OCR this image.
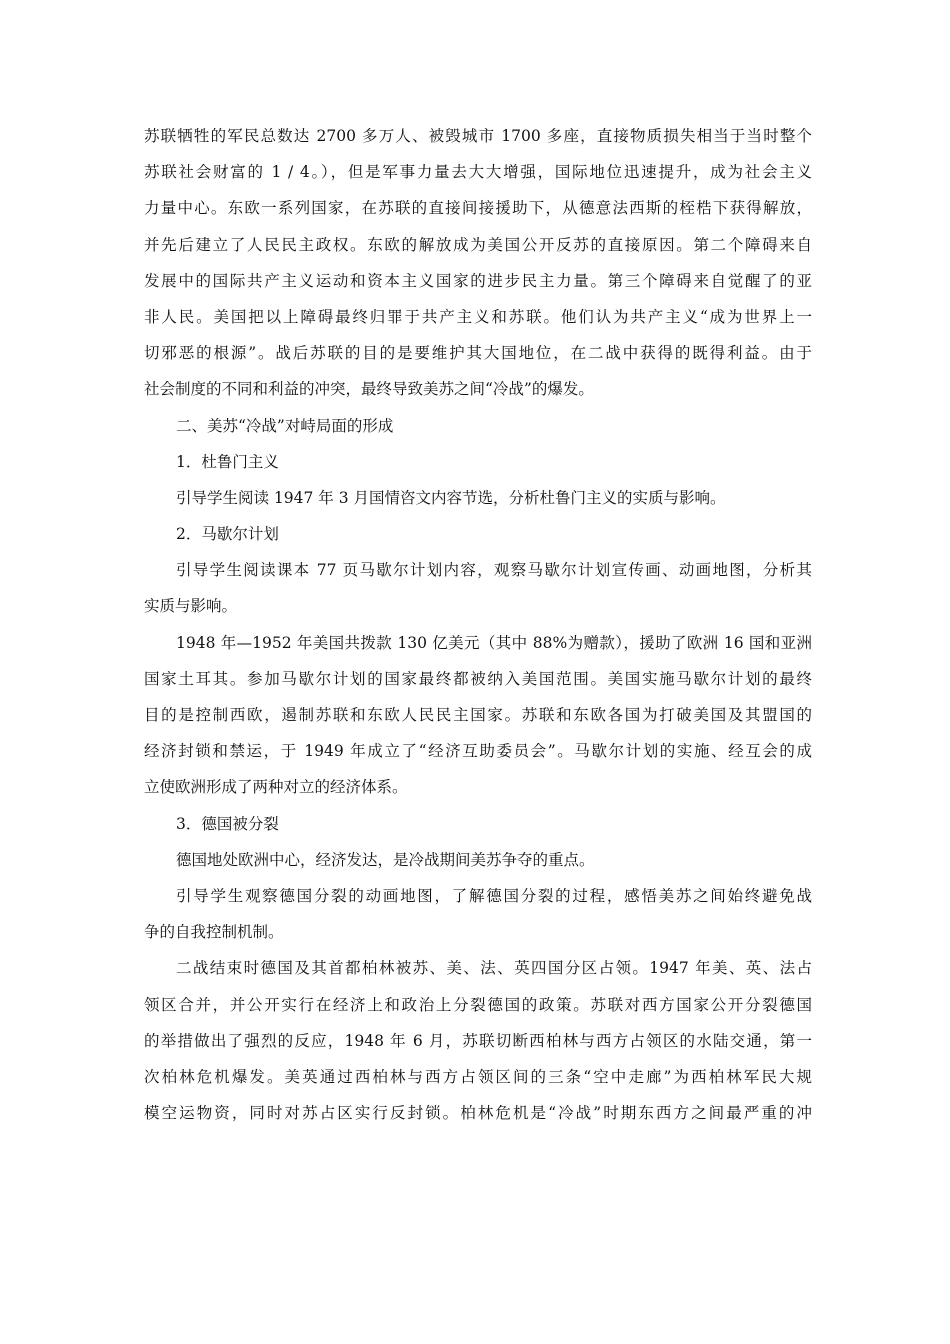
苏联牺牲的军民总数达 2700 多万人、被毁城市 1700 多座，直接物质损失相当于当时整个
苏联社会财富的 1 / 4。），但是军事力量去大大增强，国际地位迅速提升，成为社会主义
力量中心。东欧一系列国家，在苏联的直接间接援助下，从德意法西斯的桎梏下获得解放，
并先后建立了人民民主政权。东欧的解放成为美国公开反苏的直接原因。第二个障碍来自
发展中的国际共产主义运动和资本主义国家的进步民主力量。第三个障碍来自觉醒了的亚
非人民。美国把以上障碍最终归罪于共产主义和苏联。他们认为共产主义“成为世界上一
切邪恶的根源”。战后苏联的目的是要维护其大国地位，在二战中获得的既得利益。由于
社会制度的不同和利益的冲突，最终导致美苏之间“冷战”的爆发。
二、美苏“冷战”对峙局面的形成
1．杜鲁门主义
引导学生阅读 1947 年 3 月国情咨文内容节选，分析杜鲁门主义的实质与影响。
2．马歇尔计划
引导学生阅读课本 77 页马歇尔计划内容，观察马歇尔计划宣传画、动画地图，分析其
实质与影响。
1948 年—1952 年美国共拨款 130 亿美元（其中 88%为赠款），援助了欧洲 16 国和亚洲
国家土耳其。参加马歇尔计划的国家最终都被纳入美国范围。美国实施马歇尔计划的最终
目的是控制西欧，遏制苏联和东欧人民民主国家。苏联和东欧各国为打破美国及其盟国的
经济封锁和禁运，于 1949 年成立了“经济互助委员会”。马歇尔计划的实施、经互会的成
立使欧洲形成了两种对立的经济体系。
3．德国被分裂
德国地处欧洲中心，经济发达，是冷战期间美苏争夺的重点。
引导学生观察德国分裂的动画地图，了解德国分裂的过程，感悟美苏之间始终避免战
争的自我控制机制。
二战结束时德国及其首都柏林被苏、美、法、英四国分区占领。1947 年美、英、法占
领区合并，并公开实行在经济上和政治上分裂德国的政策。苏联对西方国家公开分裂德国
的举措做出了强烈的反应，1948 年 6 月，苏联切断西柏林与西方占领区的水陆交通，第一
次柏林危机爆发。美英通过西柏林与西方占领区间的三条“空中走廊”为西柏林军民大规
模空运物资，同时对苏占区实行反封锁。柏林危机是“冷战”时期东西方之间最严重的冲
